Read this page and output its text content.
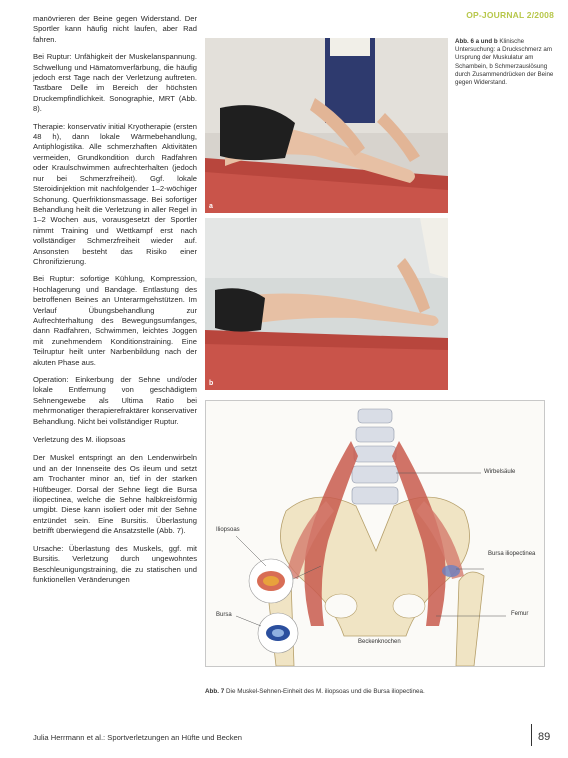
OP-JOURNAL 2/2008

manövrieren der Beine gegen Widerstand. Der Sportler kann häufig nicht laufen, aber Rad fahren.

Bei Ruptur: Unfähigkeit der Muskelanspannung. Schwellung und Hämatomverfärbung, die häufig jedoch erst Tage nach der Verletzung auftreten. Tastbare Delle im Bereich der höchsten Druckempfindlichkeit. Sonographie, MRT (Abb. 8).

Therapie: konservativ initial Kryotherapie (ersten 48 h), dann lokale Wärmebehandlung, Antiphlogistika. Alle schmerzhaften Aktivitäten vermeiden, Grundkondition durch Radfahren oder Kraulschwimmen aufrechterhalten (jedoch nur bei Schmerzfreiheit). Ggf. lokale Steroidinjektion mit nachfolgender 1–2-wöchiger Schonung. Querfriktionsmassage. Bei sofortiger Behandlung heilt die Verletzung in aller Regel in 1–2 Wochen aus, vorausgesetzt der Sportler nimmt Training und Wettkampf erst nach vollständiger Schmerzfreiheit wieder auf. Ansonsten besteht das Risiko einer Chronifizierung.

Bei Ruptur: sofortige Kühlung, Kompression, Hochlagerung und Bandage. Entlastung des betroffenen Beines an Unterarmgehstützen. Im Verlauf Übungsbehandlung zur Aufrechterhaltung des Bewegungsumfanges, dann Radfahren, Schwimmen, leichtes Joggen mit zunehmendem Konditionstraining. Eine Teilruptur heilt unter Narbenbildung nach der akuten Phase aus.

Operation: Einkerbung der Sehne und/oder lokale Entfernung von geschädigtem Sehnengewebe als Ultima Ratio bei mehrmonatiger therapierefraktärer konservativer Behandlung. Nicht bei vollständiger Ruptur.

Verletzung des M. iliopsoas

Der Muskel entspringt an den Lendenwirbeln und an der Innenseite des Os ileum und setzt am Trochanter minor an, tief in der starken Hüftbeuger. Dorsal der Sehne liegt die Bursa iliopectinea, welche die Sehne halbkreisförmig umgibt. Diese kann isoliert oder mit der Sehne entzündet sein. Eine Bursitis. Überlastung betrifft überwiegend die Ansatzstelle (Abb. 7).

Ursache: Überlastung des Muskels, ggf. mit Bursitis. Verletzung durch ungewohntes Beschleunigungstraining, die zu statischen und funktionellen Veränderungen

a
b
Abb. 6 a und b Klinische Untersuchung: a Druckschmerz am Ursprung der Muskulatur am Schambein, b Schmerzauslösung durch Zusammendrücken der Beine gegen Widerstand.
Wirbelsäule
Iliopsoas
Bursa iliopectinea
Bursa	Femur
Beckenknochen
Abb. 7 Die Muskel-Sehnen-Einheit des M. iliopsoas und die Bursa iliopectinea.
Julia Herrmann et al.: Sportverletzungen an Hüfte und Becken	89
